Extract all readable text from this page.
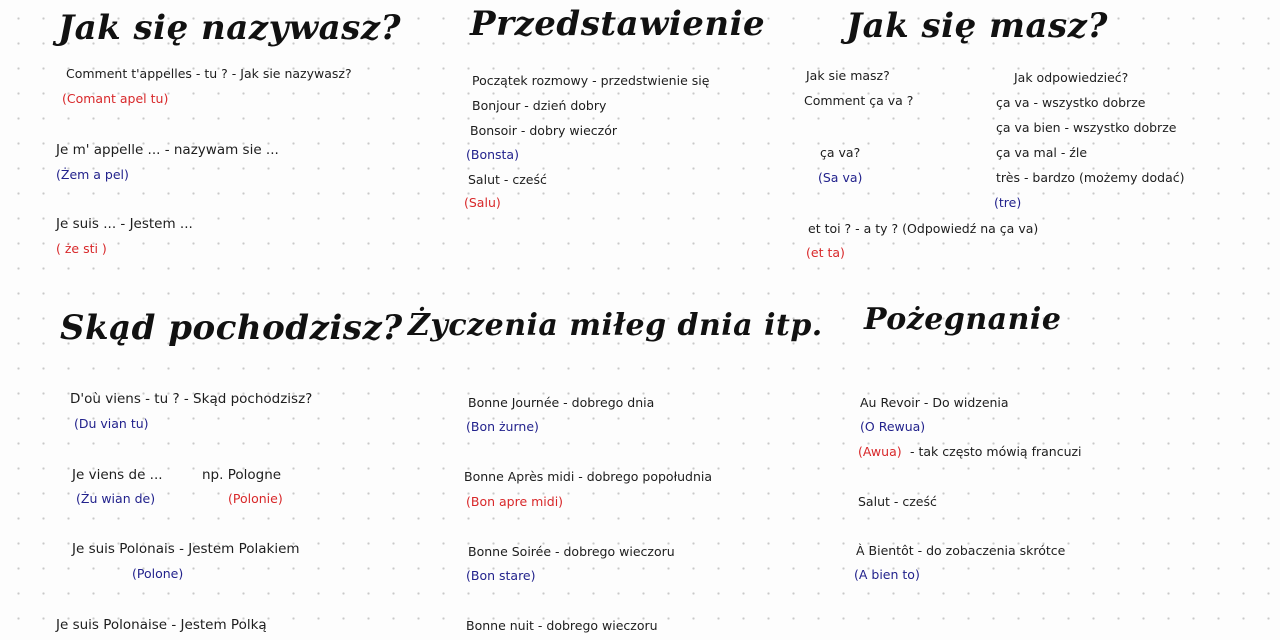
Jak się nazywasz?
Comment t'appelles - tu ? - Jak sie nazywasz?
(Comant apel tu)
Je m' appelle ... - nazywam sie ...
(Żem a pel)
Je suis ... - Jestem ...
( że sti )
Skąd pochodzisz?
D'où viens - tu ? - Skąd pochodzisz?
(Du vian tu)
Je viens de ...	np. Pologne
(Żu wian de)	(Polonie)
Je suis Polonais - Jestem Polakiem
(Polone)
Je suis Polonaise - Jestem Polką
Przedstawienie
Początek rozmowy - przedstwienie się
Bonjour - dzień dobry
Bonsoir - dobry wieczór
(Bonsta)
Salut - cześć
(Salu)
Życzenia miłeg dnia itp.
Bonne Journée - dobrego dnia
(Bon żurne)
Bonne Après midi - dobrego popołudnia
(Bon apre midi)
Bonne Soirée - dobrego wieczoru
(Bon stare)
Bonne nuit - dobrego wieczoru
Jak się masz?
Jak sie masz?
Comment ça va ?
ça va?
(Sa va)
Jak odpowiedzieć?
ça va - wszystko dobrze
ça va bien - wszystko dobrze
ça va mal - źle
très - bardzo (możemy dodać)
(tre)
et toi ? - a ty ? (Odpowiedź na ça va)
(et ta)
Pożegnanie
Au Revoir - Do widzenia
(O Rewua)
(Awua) - tak często mówią francuzi
Salut - cześć
À Bientôt - do zobaczenia skrótce
(A bien to)
